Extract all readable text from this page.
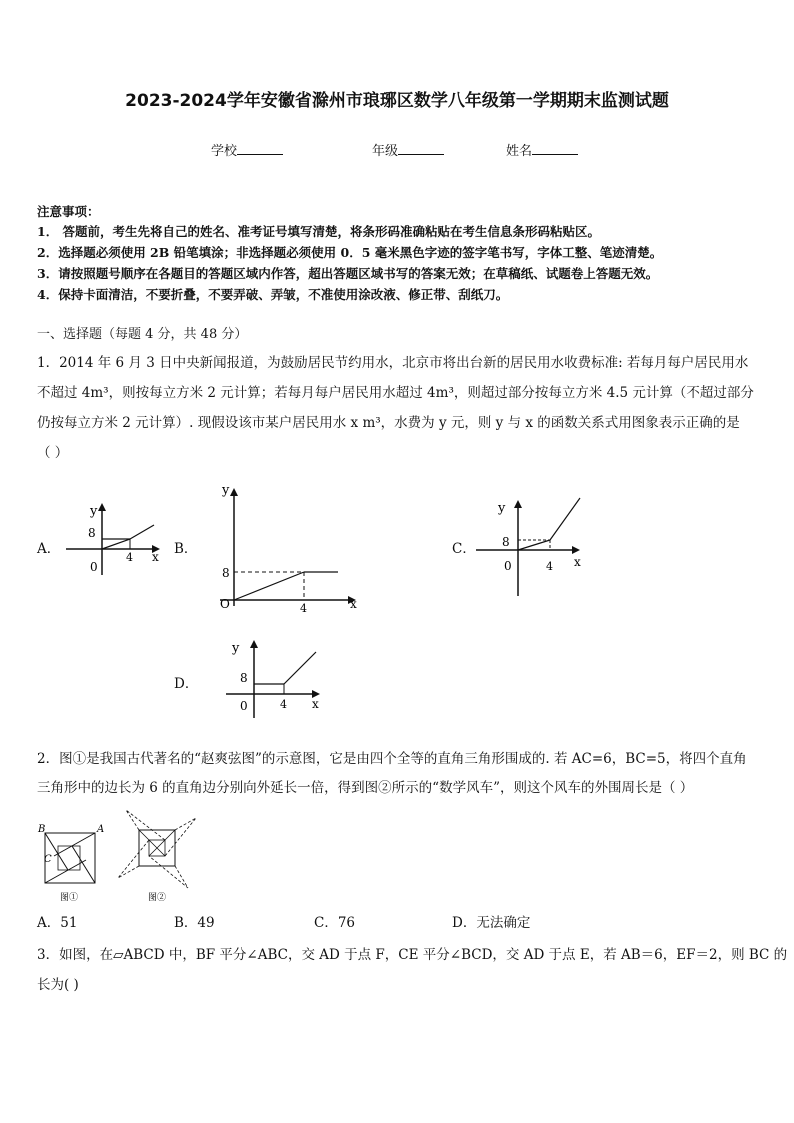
2023-2024学年安徽省滁州市琅琊区数学八年级第一学期期末监测试题
学校	年级	姓名
注意事项：
1． 答题前，考生先将自己的姓名、准考证号填写清楚，将条形码准确粘贴在考生信息条形码粘贴区。
2．选择题必须使用 2B 铅笔填涂；非选择题必须使用 0．5 毫米黑色字迹的签字笔书写，字体工整、笔迹清楚。
3．请按照题号顺序在各题目的答题区域内作答，超出答题区域书写的答案无效；在草稿纸、试题卷上答题无效。
4．保持卡面清洁，不要折叠，不要弄破、弄皱，不准使用涂改液、修正带、刮纸刀。
一、选择题（每题 4 分，共 48 分）
1．2014 年 6 月 3 日中央新闻报道，为鼓励居民节约用水，北京市将出台新的居民用水收费标准: 若每月每户居民用水
不超过 4m³，则按每立方米 2 元计算；若每月每户居民用水超过 4m³，则超过部分按每立方米 4.5 元计算（不超过部分
仍按每立方米 2 元计算）. 现假设该市某户居民用水 x m³，水费为 y 元，则 y 与 x 的函数关系式用图象表示正确的是
（ ）
A．
y
8
4 x
0
B．
y
8
4	x
O
C．
y
8
4 x
0
D．
y
8
4 x
0
2．图①是我国古代著名的“赵爽弦图”的示意图，它是由四个全等的直角三角形围成的. 若 AC=6，BC=5，将四个直角
三角形中的边长为 6 的直角边分别向外延长一倍，得到图②所示的“数学风车”，则这个风车的外围周长是（ ）
B	A
C
图①	图②
A．51	B．49	C．76	D．无法确定
3．如图，在▱ABCD 中，BF 平分∠ABC，交 AD 于点 F，CE 平分∠BCD，交 AD 于点 E，若 AB＝6，EF＝2，则 BC 的
长为( )
